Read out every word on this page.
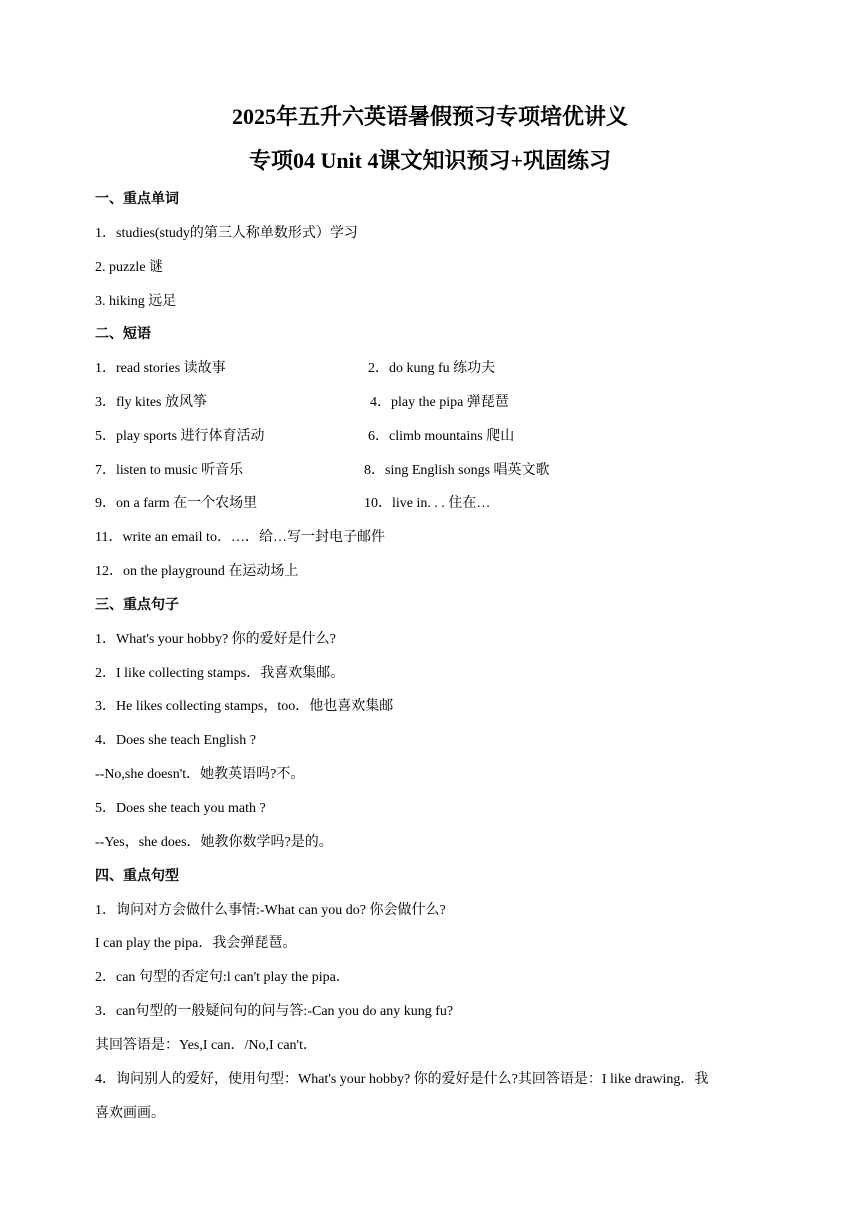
2025年五升六英语暑假预习专项培优讲义
专项04 Unit 4课文知识预习+巩固练习
一、重点单词
1．studies(study的第三人称单数形式）学习
2. puzzle 谜
3. hiking 远足
二、短语
1．read stories 读故事	2．do kung fu 练功夫
3．fly kites 放风筝	4．play the pipa 弹琵琶
5．play sports 进行体育活动	6．climb mountains 爬山
7．listen to music 听音乐	8．sing English songs 唱英文歌
9．on a farm 在一个农场里	10．live in. . . 住在…
11．write an email to．…．给…写一封电子邮件
12．on the playground 在运动场上
三、重点句子
1．What's your hobby? 你的爱好是什么?
2．I like collecting stamps．我喜欢集邮。
3．He likes collecting stamps，too．他也喜欢集邮
4．Does she teach English ?
--No,she doesn't．她教英语吗?不。
5．Does she teach you math ?
--Yes，she does．她教你数学吗?是的。
四、重点句型
1．询问对方会做什么事情:-What can you do? 你会做什么?
I can play the pipa．我会弹琵琶。
2．can 句型的否定句:l can't play the pipa．
3．can句型的一般疑问句的问与答:-Can you do any kung fu?
其回答语是：Yes,I can．/No,I can't．
4．询问别人的爱好，使用句型：What's your hobby? 你的爱好是什么?其回答语是：I like drawing．我
喜欢画画。
